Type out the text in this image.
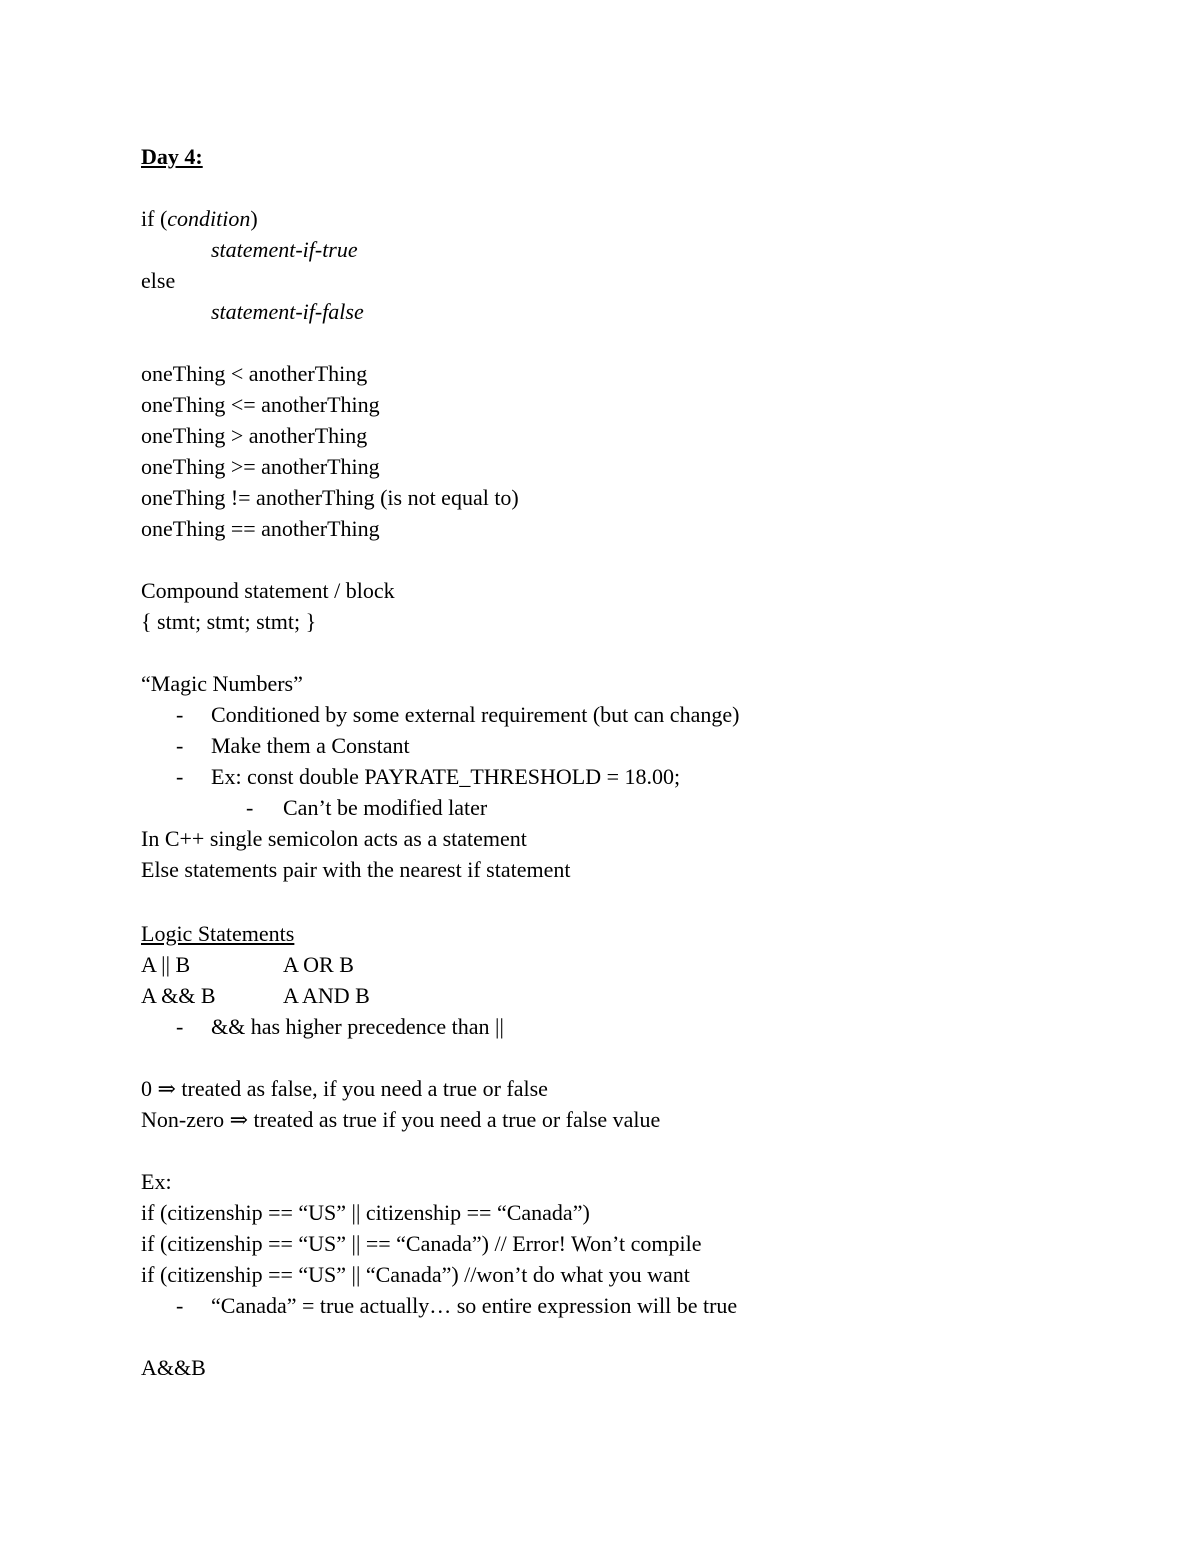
Day 4:
if (condition)
statement-if-true
else
statement-if-false
oneThing < anotherThing
oneThing <= anotherThing
oneThing > anotherThing
oneThing >= anotherThing
oneThing != anotherThing (is not equal to)
oneThing == anotherThing
Compound statement / block
{ stmt; stmt; stmt; }
“Magic Numbers”
- Conditioned by some external requirement (but can change)
- Make them a Constant
- Ex: const double PAYRATE_THRESHOLD = 18.00;
- Can’t be modified later
In C++ single semicolon acts as a statement
Else statements pair with the nearest if statement
Logic Statements
A || B	A OR B
A && B	A AND B
- && has higher precedence than ||
0 ⇒ treated as false, if you need a true or false
Non-zero ⇒ treated as true if you need a true or false value
Ex:
if (citizenship == “US” || citizenship == “Canada”)
if (citizenship == “US” || == “Canada”) // Error! Won’t compile
if (citizenship == “US” || “Canada”) //won’t do what you want
- “Canada” = true actually… so entire expression will be true
A&&B
